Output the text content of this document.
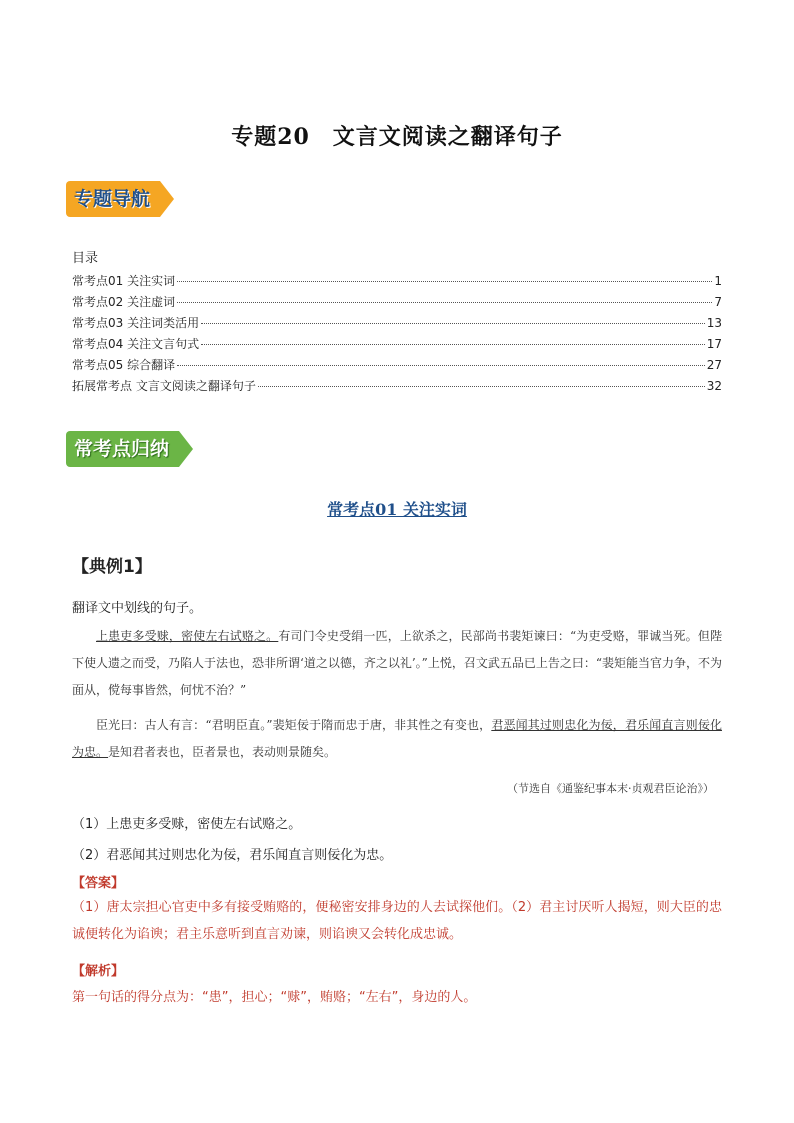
专题20　文言文阅读之翻译句子
专题导航
目录
常考点01 关注实词	1
常考点02 关注虚词	7
常考点03 关注词类活用	13
常考点04 关注文言句式	17
常考点05 综合翻译	27
拓展常考点 文言文阅读之翻译句子	32
常考点归纳
常考点01 关注实词
【典例1】
翻译文中划线的句子。

上患吏多受赇，密使左右试赂之。有司门令史受绢一匹，上欲杀之，民部尚书裴矩谏曰：“为吏受赂，罪诚当死。但陛下使人遗之而受，乃陷人于法也，恐非所谓‘道之以德，齐之以礼’。”上悦，召文武五品已上告之曰：“裴矩能当官力争，不为面从，傥每事皆然，何忧不治？”

臣光曰：古人有言：“君明臣直。”裴矩佞于隋而忠于唐，非其性之有变也，君恶闻其过则忠化为佞，君乐闻直言则佞化为忠。是知君者表也，臣者景也，表动则景随矣。

（节选自《通鉴纪事本末·贞观君臣论治》）
（1）上患吏多受赇，密使左右试赂之。
（2）君恶闻其过则忠化为佞，君乐闻直言则佞化为忠。
【答案】
（1）唐太宗担心官吏中多有接受贿赂的，便秘密安排身边的人去试探他们。（2）君主讨厌听人揭短，则大臣的忠诚便转化为谄谀；君主乐意听到直言劝谏，则谄谀又会转化成忠诚。
【解析】
第一句话的得分点为：“患”，担心；“赇”，贿赂；“左右”，身边的人。
